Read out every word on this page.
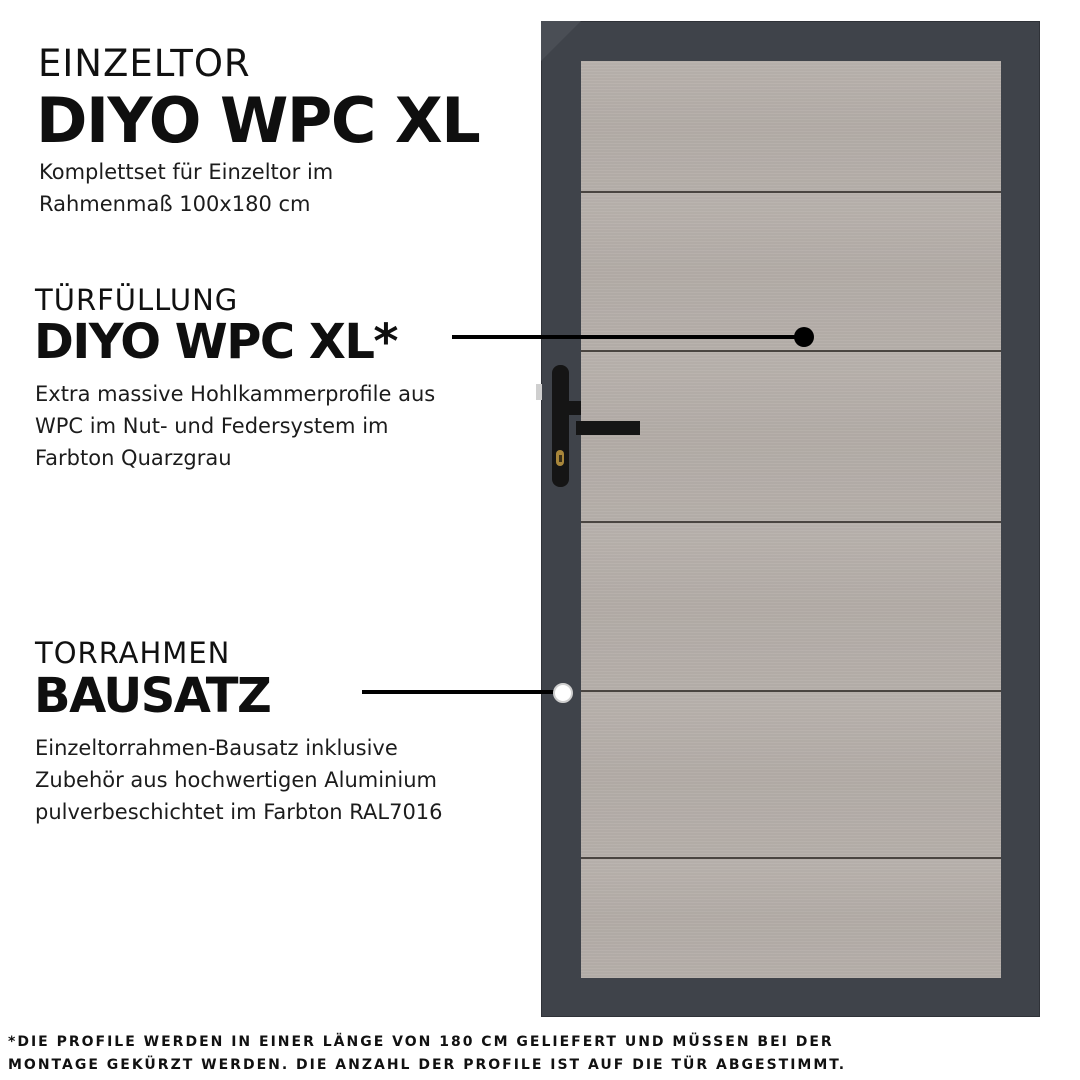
EINZELTOR
DIYO WPC XL
Komplettset für Einzeltor im
Rahmenmaß 100x180 cm
TÜRFÜLLUNG
DIYO WPC XL*
Extra massive Hohlkammerprofile aus
WPC im Nut- und Federsystem im
Farbton Quarzgrau
TORRAHMEN
BAUSATZ
Einzeltorrahmen-Bausatz inklusive
Zubehör aus hochwertigen Aluminium
pulverbeschichtet im Farbton RAL7016
*DIE PROFILE WERDEN IN EINER LÄNGE VON 180 CM GELIEFERT UND MÜSSEN BEI DER
MONTAGE GEKÜRZT WERDEN. DIE ANZAHL DER PROFILE IST AUF DIE TÜR ABGESTIMMT.
